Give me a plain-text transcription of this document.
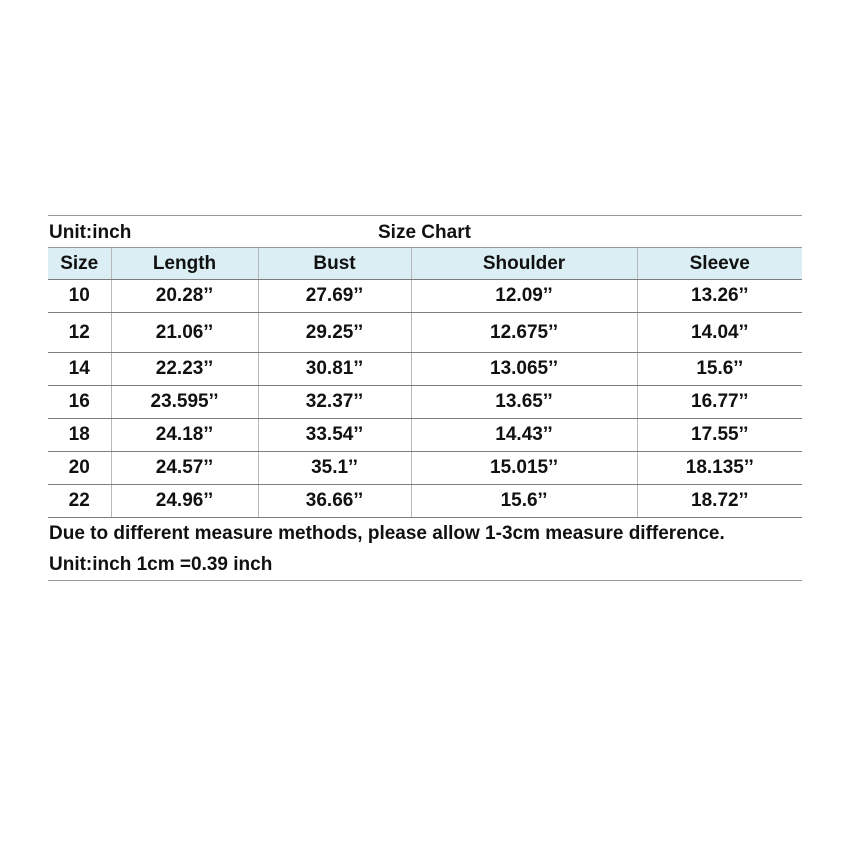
Unit:inch	Size Chart
Size	Length	Bust	Shoulder	Sleeve
10	20.28’’	27.69’’	12.09’’	13.26’’
12	21.06’’	29.25’’	12.675’’	14.04’’
14	22.23’’	30.81’’	13.065’’	15.6’’
16	23.595’’	32.37’’	13.65’’	16.77’’
18	24.18’’	33.54’’	14.43’’	17.55’’
20	24.57’’	35.1’’	15.015’’	18.135’’
22	24.96’’	36.66’’	15.6’’	18.72’’
Due to different measure methods, please allow 1-3cm measure difference.
Unit:inch 1cm =0.39 inch
